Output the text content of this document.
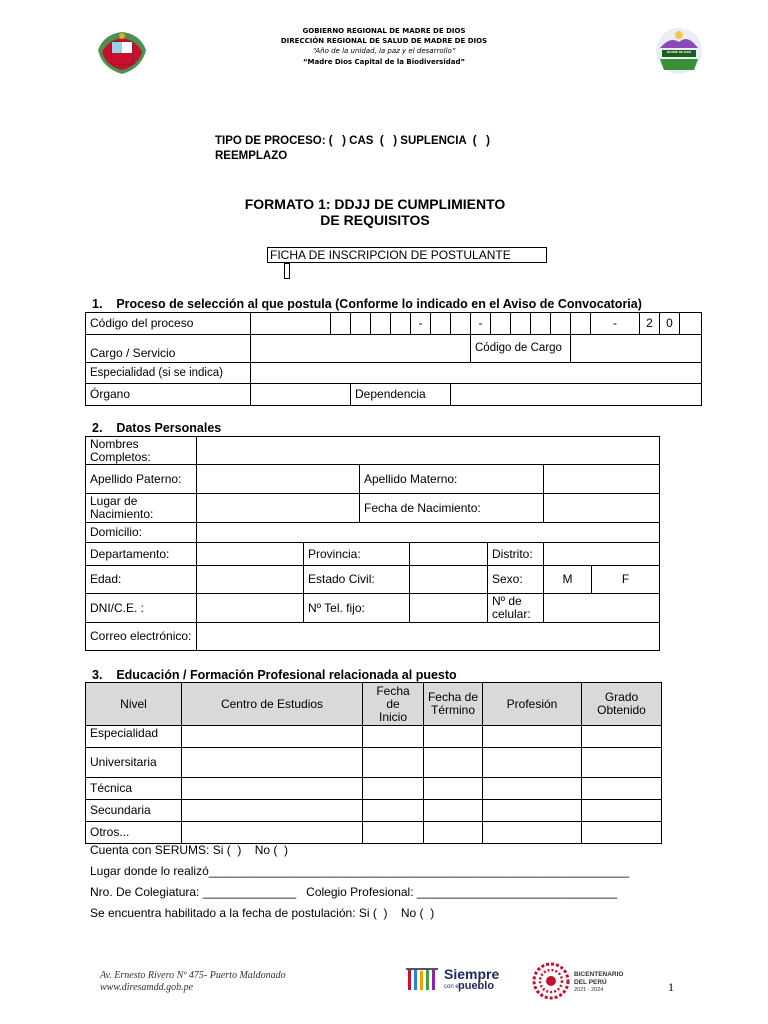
GOBIERNO REGIONAL DE MADRE DE DIOS
DIRECCIÓN REGIONAL DE SALUD DE MADRE DE DIOS
“Año de la unidad, la paz y el desarrollo”
“Madre Dios Capital de la Biodiversidad”
MADRE DE DIOS
TIPO DE PROCESO: (   ) CAS  (   ) SUPLENCIA  (   )
REEMPLAZO
FORMATO 1: DDJJ DE CUMPLIMIENTO
DE REQUISITOS
FICHA DE INSCRIPCION DE POSTULANTE
1.    Proceso de selección al que postula (Conforme lo indicado en el Aviso de Convocatoria)
Código del proceso						-			-						-	2	0	
Cargo / Servicio									Código de Cargo									
Especialidad (si se indica)																		
Órgano			Dependencia															
2.    Datos Personales
Nombres Completos:							
Apellido Paterno:			Apellido Materno:				
Lugar de Nacimiento:			Fecha de Nacimiento:				
Domicilio:							
Departamento:		Provincia:			Distrito:		
Edad:		Estado Civil:			Sexo:	M	F
DNI/C.E. :		Nº Tel. fijo:			Nº de celular:		
Correo electrónico:							
3.    Educación / Formación Profesional relacionada al puesto
Nivel	Centro de Estudios	Fecha de Inicio	Fecha de Término	Profesión	Grado Obtenido
Especialidad					
Universitaria					
Técnica					
Secundaria					
Otros...					
Cuenta con SERUMS: Si (  )    No (  )
Lugar donde lo realizó_______________________________________________________________
Nro. De Colegiatura: ______________   Colegio Profesional: ______________________________
Se encuentra habilitado a la fecha de postulación: Si (  )    No (  )
Av. Ernesto Rivero Nº 475- Puerto Maldonado
www.diresamdd.gob.pe
Siempre
con el
pueblo
BICENTENARIO
DEL PERÚ
2021 - 2024	1
